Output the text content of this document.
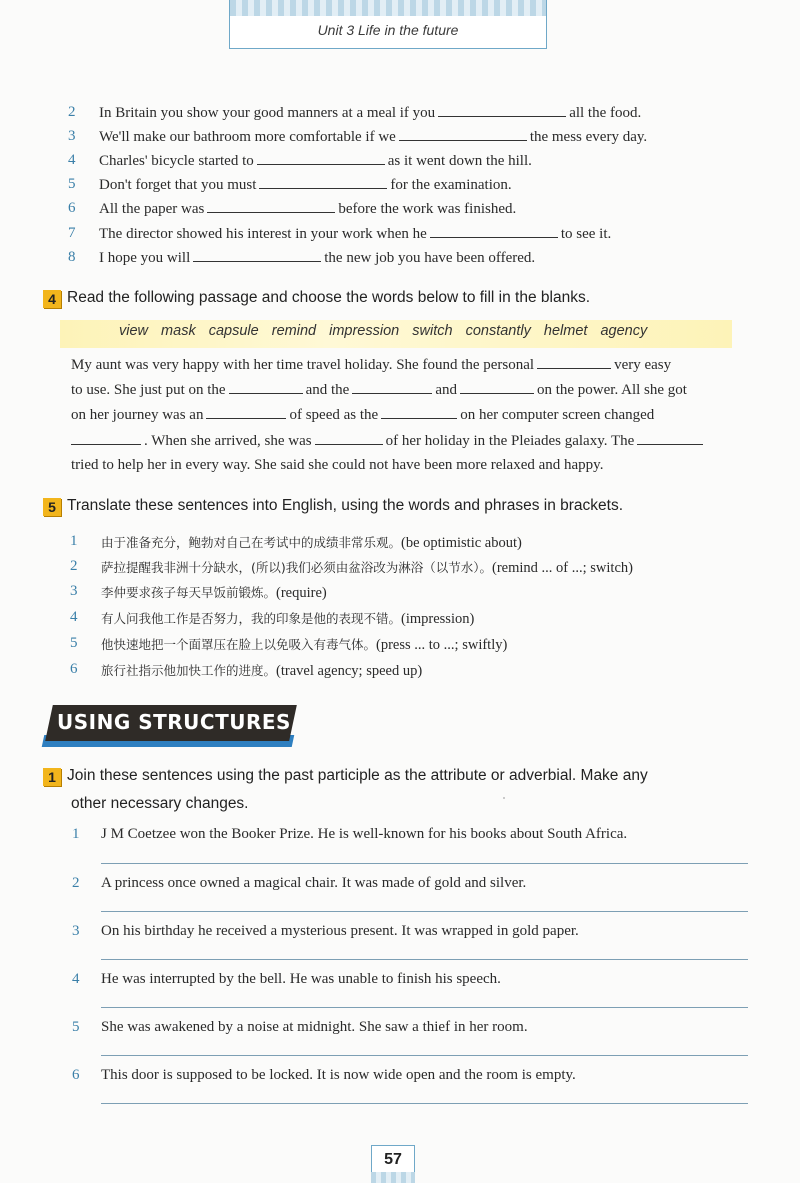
Unit 3 Life in the future
2 In Britain you show your good manners at a meal if you	all the food.
3 We'll make our bathroom more comfortable if we	the mess every day.
4 Charles' bicycle started to	as it went down the hill.
5 Don't forget that you must	for the examination.
6 All the paper was	before the work was finished.
7 The director showed his interest in your work when he	to see it.
8 I hope you will	the new job you have been offered.
4 Read the following passage and choose the words below to fill in the blanks.
view mask capsule remind impression switch constantly helmet agency
My aunt was very happy with her time travel holiday. She found the personal	very easy
to use. She just put on the	and the	and	on the power. All she got
on her journey was an	of speed as the	on her computer screen changed
. When she arrived, she was	of her holiday in the Pleiades galaxy. The
tried to help her in every way. She said she could not have been more relaxed and happy.
5 Translate these sentences into English, using the words and phrases in brackets.
1 由于准备充分，鲍勃对自己在考试中的成绩非常乐观。(be optimistic about)
2 萨拉提醒我非洲十分缺水，(所以)我们必须由盆浴改为淋浴（以节水）。(remind ... of ...; switch)
3 李仲要求孩子每天早饭前锻炼。(require)
4 有人问我他工作是否努力，我的印象是他的表现不错。(impression)
5 他快速地把一个面罩压在脸上以免吸入有毒气体。(press ... to ...; swiftly)
6 旅行社指示他加快工作的进度。(travel agency; speed up)
USING STRUCTURES
1 Join these sentences using the past participle as the attribute or adverbial. Make any
other necessary changes.
1 J M Coetzee won the Booker Prize. He is well-known for his books about South Africa.
2 A princess once owned a magical chair. It was made of gold and silver.
3 On his birthday he received a mysterious present. It was wrapped in gold paper.
4 He was interrupted by the bell. He was unable to finish his speech.
5 She was awakened by a noise at midnight. She saw a thief in her room.
6 This door is supposed to be locked. It is now wide open and the room is empty.
57
